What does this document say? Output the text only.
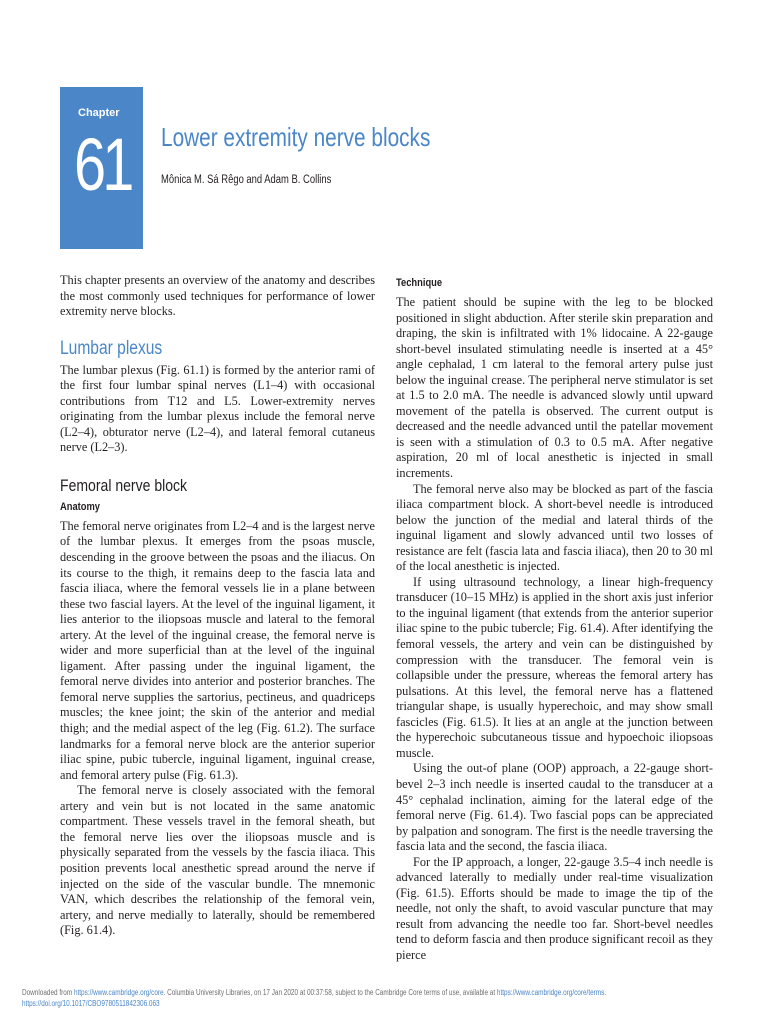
Chapter
61 Lower extremity nerve blocks
Mônica M. Sá Rêgo and Adam B. Collins

This chapter presents an overview of the anatomy and describes the most commonly used techniques for performance of lower extremity nerve blocks.

Lumbar plexus

The lumbar plexus (Fig. 61.1) is formed by the anterior rami of the first four lumbar spinal nerves (L1–4) with occasional contributions from T12 and L5. Lower-extremity nerves originating from the lumbar plexus include the femoral nerve (L2–4), obturator nerve (L2–4), and lateral femoral cutaneus nerve (L2–3).

Femoral nerve block
Anatomy

The femoral nerve originates from L2–4 and is the largest nerve of the lumbar plexus. It emerges from the psoas muscle, descending in the groove between the psoas and the iliacus. On its course to the thigh, it remains deep to the fascia lata and fascia iliaca, where the femoral vessels lie in a plane between these two fascial layers. At the level of the inguinal ligament, it lies anterior to the iliopsoas muscle and lateral to the femoral artery. At the level of the inguinal crease, the femoral nerve is wider and more superficial than at the level of the inguinal ligament. After passing under the inguinal ligament, the femoral nerve divides into anterior and posterior branches. The femoral nerve supplies the sartorius, pectineus, and quadriceps muscles; the knee joint; the skin of the anterior and medial thigh; and the medial aspect of the leg (Fig. 61.2). The surface landmarks for a femoral nerve block are the anterior superior iliac spine, pubic tubercle, inguinal ligament, inguinal crease, and femoral artery pulse (Fig. 61.3).

The femoral nerve is closely associated with the femoral artery and vein but is not located in the same anatomic compartment. These vessels travel in the femoral sheath, but the femoral nerve lies over the iliopsoas muscle and is physically separated from the vessels by the fascia iliaca. This position prevents local anesthetic spread around the nerve if injected on the side of the vascular bundle. The mnemonic VAN, which describes the relationship of the femoral vein, artery, and nerve medially to laterally, should be remembered (Fig. 61.4).

Technique

The patient should be supine with the leg to be blocked positioned in slight abduction. After sterile skin preparation and draping, the skin is infiltrated with 1% lidocaine. A 22-gauge short-bevel insulated stimulating needle is inserted at a 45° angle cephalad, 1 cm lateral to the femoral artery pulse just below the inguinal crease. The peripheral nerve stimulator is set at 1.5 to 2.0 mA. The needle is advanced slowly until upward movement of the patella is observed. The current output is decreased and the needle advanced until the patellar movement is seen with a stimulation of 0.3 to 0.5 mA. After negative aspiration, 20 ml of local anesthetic is injected in small increments.

The femoral nerve also may be blocked as part of the fascia iliaca compartment block. A short-bevel needle is introduced below the junction of the medial and lateral thirds of the inguinal ligament and slowly advanced until two losses of resistance are felt (fascia lata and fascia iliaca), then 20 to 30 ml of the local anesthetic is injected.

If using ultrasound technology, a linear high-frequency transducer (10–15 MHz) is applied in the short axis just inferior to the inguinal ligament (that extends from the anterior superior iliac spine to the pubic tubercle; Fig. 61.4). After identifying the femoral vessels, the artery and vein can be distinguished by compression with the transducer. The femoral vein is collapsible under the pressure, whereas the femoral artery has pulsations. At this level, the femoral nerve has a flattened triangular shape, is usually hyperechoic, and may show small fascicles (Fig. 61.5). It lies at an angle at the junction between the hyperechoic subcutaneous tissue and hypoechoic iliopsoas muscle.

Using the out-of plane (OOP) approach, a 22-gauge short-bevel 2–3 inch needle is inserted caudal to the transducer at a 45° cephalad inclination, aiming for the lateral edge of the femoral nerve (Fig. 61.4). Two fascial pops can be appreciated by palpation and sonogram. The first is the needle traversing the fascia lata and the second, the fascia iliaca.

For the IP approach, a longer, 22-gauge 3.5–4 inch needle is advanced laterally to medially under real-time visualization (Fig. 61.5). Efforts should be made to image the tip of the needle, not only the shaft, to avoid vascular puncture that may result from advancing the needle too far. Short-bevel needles tend to deform fascia and then produce significant recoil as they pierce

Downloaded from https://www.cambridge.org/core. Columbia University Libraries, on 17 Jan 2020 at 00:37:58, subject to the Cambridge Core terms of use, available at https://www.cambridge.org/core/terms.
https://doi.org/10.1017/CBO9780511842306.063
